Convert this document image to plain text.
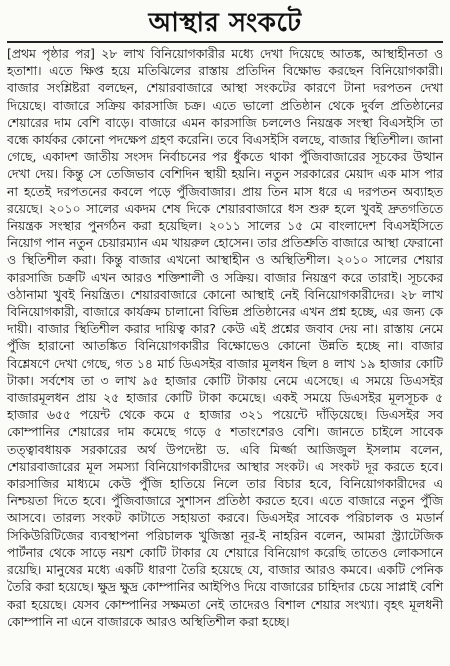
আস্থার সংকটে

[প্রথম পৃষ্ঠার পর] ২৮ লাখ বিনিয়োগকারীর মধ্যে দেখা দিয়েছে আতঙ্ক, আস্থাহীনতা ও হতাশা। এতে ক্ষিপ্ত হয়ে মতিঝিলের রাস্তায় প্রতিদিন বিক্ষোভ করছেন বিনিয়োগকারী। বাজার সংশ্লিষ্টরা বলছেন, শেয়ারবাজারে আস্থা সংকটের কারণে টানা দরপতন দেখা দিয়েছে। বাজারে সক্রিয় কারসাজি চক্র। এতে ভালো প্রতিষ্ঠান থেকে দুর্বল প্রতিষ্ঠানের শেয়ারের দাম বেশি বাড়ে। বাজারে এমন কারসাজি চললেও নিয়ন্ত্রক সংস্থা বিএসইসি তা বন্ধে কার্যকর কোনো পদক্ষেপ গ্রহণ করেনি। তবে বিএসইসি বলছে, বাজার স্থিতিশীল। জানা গেছে, একাদশ জাতীয় সংসদ নির্বাচনের পর ধুঁকতে থাকা পুঁজিবাজারের সূচকের উত্থান দেখা দেয়। কিন্তু সে তেজিভাব বেশিদিন স্থায়ী হয়নি। নতুন সরকারের মেয়াদ এক মাস পার না হতেই দরপতনের কবলে পড়ে পুঁজিবাজার। প্রায় তিন মাস ধরে এ দরপতন অব্যাহত রয়েছে। ২০১০ সালের একদম শেষ দিকে শেয়ারবাজারে ধস শুরু হলে খুবই দ্রুতগতিতে নিয়ন্ত্রক সংস্থার পুনর্গঠন করা হয়েছিল। ২০১১ সালের ১৫ মে বাংলাদেশ বিএসইসিতে নিয়োগ পান নতুন চেয়ারম্যান এম খায়রুল হোসেন। তার প্রতিশ্রুতি বাজারে আস্থা ফেরানো ও স্থিতিশীল করা। কিন্তু বাজার এখনো আস্থাহীন ও অস্থিতিশীল। ২০১০ সালের শেয়ার কারসাজি চক্রটি এখন আরও শক্তিশালী ও সক্রিয়। বাজার নিয়ন্ত্রণ করে তারাই। সূচকের ওঠানামা খুবই নিয়ন্ত্রিত। শেয়ারবাজারে কোনো আস্থাই নেই বিনিয়োগকারীদের। ২৮ লাখ বিনিয়োগকারী, বাজারে কার্যক্রম চালানো বিভিন্ন প্রতিষ্ঠানের এখন প্রশ্ন হচ্ছে, এর জন্য কে দায়ী। বাজার স্থিতিশীল করার দায়িত্ব কার? কেউ এই প্রশ্নের জবাব দেয় না। রাস্তায় নেমে পুঁজি হারানো আতঙ্কিত বিনিয়োগকারীর বিক্ষোভেও কোনো উন্নতি হচ্ছে না। বাজার বিশ্লেষণে দেখা গেছে, গত ১৪ মার্চ ডিএসইর বাজার মূলধন ছিল ৪ লাখ ১৯ হাজার কোটি টাকা। সর্বশেষ তা ৩ লাখ ৯৫ হাজার কোটি টাকায় নেমে এসেছে। এ সময়ে ডিএসইর বাজারমূলধন প্রায় ২৫ হাজার কোটি টাকা কমেছে। একই সময়ে ডিএসইর মূলসূচক ৫ হাজার ৬৫৫ পয়েন্ট থেকে কমে ৫ হাজার ৩২১ পয়েন্টে দাঁড়িয়েছে। ডিএসইর সব কোম্পানির শেয়ারের দাম কমেছে গড়ে ৫ শতাংশেরও বেশি। জানতে চাইলে সাবেক তত্ত্বাবধায়ক সরকারের অর্থ উপদেষ্টা ড. এবি মির্জ্জা আজিজুল ইসলাম বলেন, শেয়ারবাজারের মূল সমস্যা বিনিয়োগকারীদের আস্থার সংকট। এ সংকট দূর করতে হবে। কারসাজির মাধ্যমে কেউ পুঁজি হাতিয়ে নিলে তার বিচার হবে, বিনিয়োগকারীদের এ নিশ্চয়তা দিতে হবে। পুঁজিবাজারে সুশাসন প্রতিষ্ঠা করতে হবে। এতে বাজারে নতুন পুঁজি আসবে। তারল্য সংকট কাটাতে সহায়তা করবে। ডিএসইর সাবেক পরিচালক ও মডার্ন সিকিউরিটিজের ব্যবস্থাপনা পরিচালক খুজিস্তা নূর-ই নাহরিন বলেন, আমরা স্ট্র্যাটেজিক পার্টনার থেকে সাড়ে নয়শ কোটি টাকার যে শেয়ারে বিনিয়োগ করেছি তাতেও লোকসানে রয়েছি। মানুষের মধ্যে একটি ধারণা তৈরি হয়েছে যে, বাজার আরও কমবে। একটি পেনিক তৈরি করা হয়েছে। ক্ষুদ্র ক্ষুদ্র কোম্পানির আইপিও দিয়ে বাজারের চাহিদার চেয়ে সাপ্লাই বেশি করা হয়েছে। যেসব কোম্পানির সক্ষমতা নেই তাদেরও বিশাল শেয়ার সংখ্যা। বৃহৎ মূলধনী কোম্পানি না এনে বাজারকে আরও অস্থিতিশীল করা হচ্ছে।
